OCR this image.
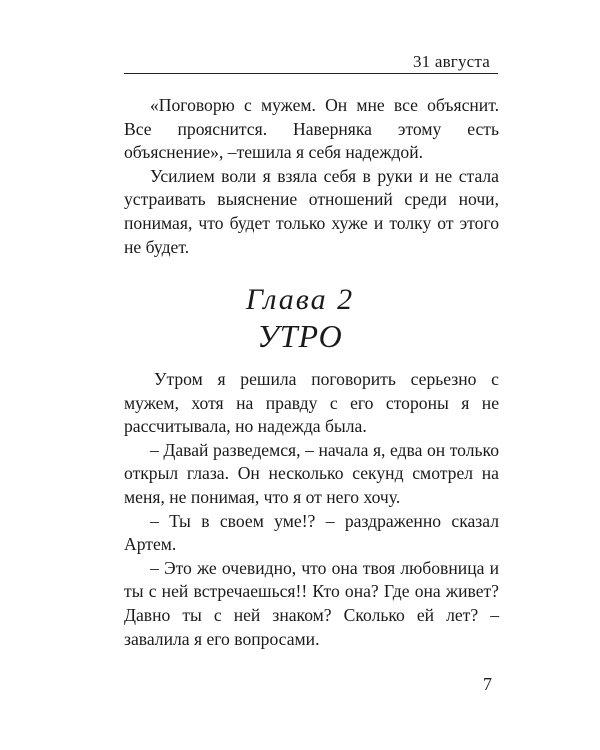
31 августа

«Поговорю с мужем. Он мне все объяснит. Все прояснится. Наверняка этому есть объяснение», –тешила я себя надеждой.

Усилием воли я взяла себя в руки и не стала устраивать выяснение отношений среди ночи, понимая, что будет только хуже и толку от этого не будет.

Глава 2
УТРО

Утром я решила поговорить серьезно с мужем, хотя на правду с его стороны я не рассчитывала, но надежда была.

– Давай разведемся, – начала я, едва он только открыл глаза. Он несколько секунд смотрел на меня, не понимая, что я от него хочу.

– Ты в своем уме!? – раздраженно сказал Артем.

– Это же очевидно, что она твоя любовница и ты с ней встречаешься!! Кто она? Где она живет? Давно ты с ней знаком? Сколько ей лет? – завалила я его вопросами.

7
